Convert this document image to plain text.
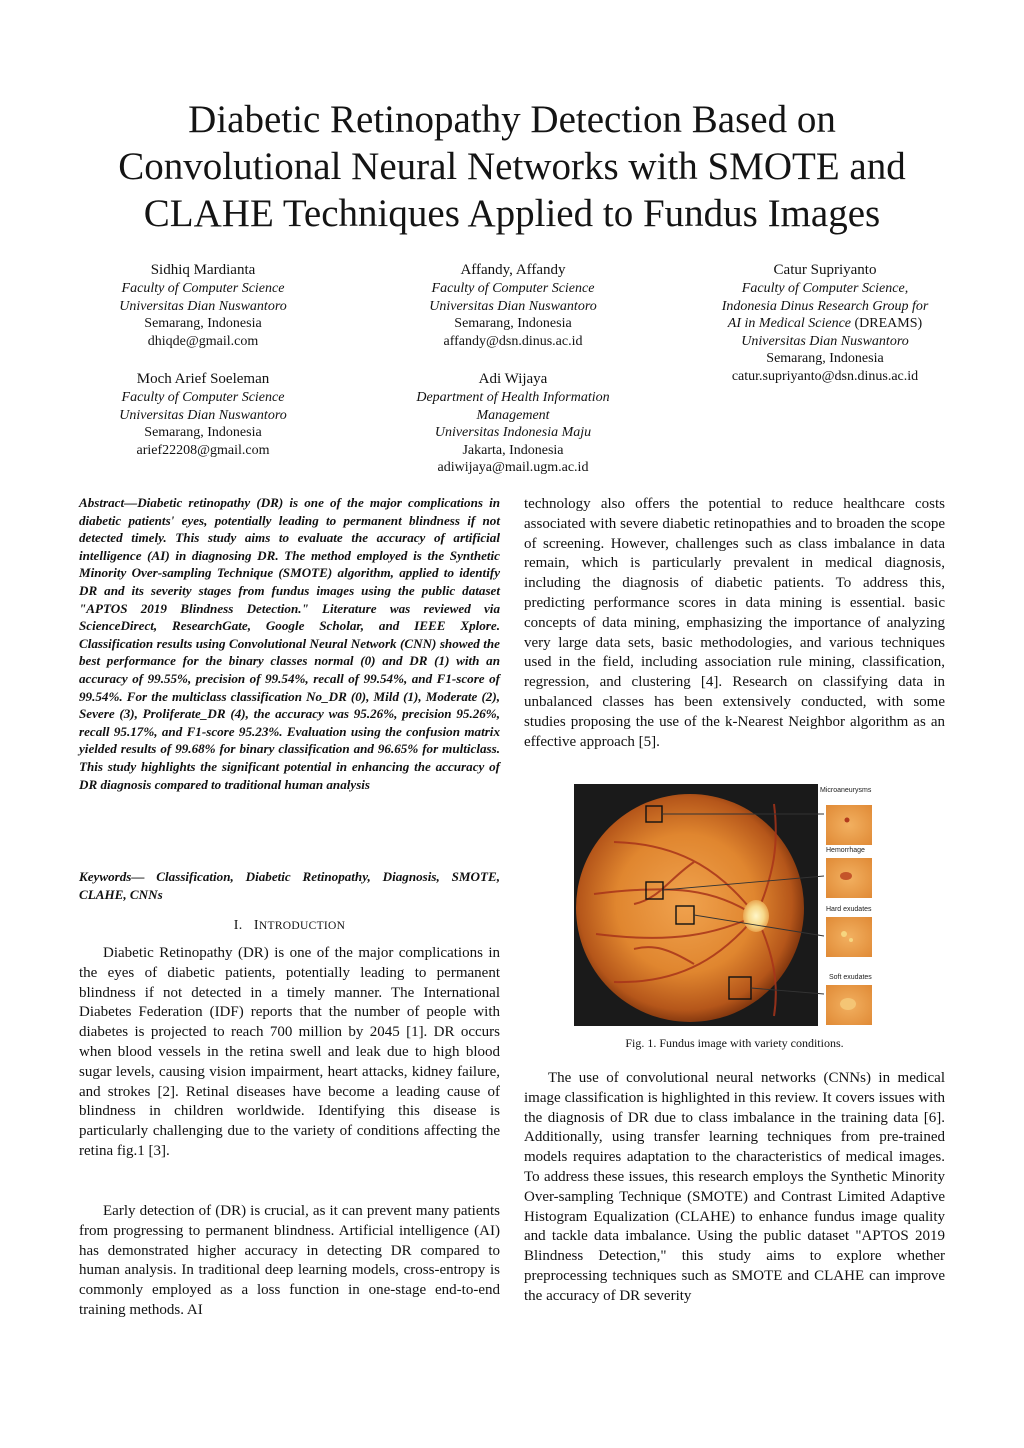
Diabetic Retinopathy Detection Based on
Convolutional Neural Networks with SMOTE and
CLAHE Techniques Applied to Fundus Images
Sidhiq Mardianta
Faculty of Computer Science
Universitas Dian Nuswantoro
Semarang, Indonesia
dhiqde@gmail.com
Affandy, Affandy
Faculty of Computer Science
Universitas Dian Nuswantoro
Semarang, Indonesia
affandy@dsn.dinus.ac.id
Catur Supriyanto
Faculty of Computer Science,
Indonesia Dinus Research Group for
AI in Medical Science (DREAMS)
Universitas Dian Nuswantoro
Semarang, Indonesia
catur.supriyanto@dsn.dinus.ac.id
Moch Arief Soeleman
Faculty of Computer Science
Universitas Dian Nuswantoro
Semarang, Indonesia
arief22208@gmail.com
Adi Wijaya
Department of Health Information
Management
Universitas Indonesia Maju
Jakarta, Indonesia
adiwijaya@mail.ugm.ac.id
Abstract—Diabetic retinopathy (DR) is one of the major complications in diabetic patients' eyes, potentially leading to permanent blindness if not detected timely. This study aims to evaluate the accuracy of artificial intelligence (AI) in diagnosing DR. The method employed is the Synthetic Minority Over-sampling Technique (SMOTE) algorithm, applied to identify DR and its severity stages from fundus images using the public dataset "APTOS 2019 Blindness Detection." Literature was reviewed via ScienceDirect, ResearchGate, Google Scholar, and IEEE Xplore. Classification results using Convolutional Neural Network (CNN) showed the best performance for the binary classes normal (0) and DR (1) with an accuracy of 99.55%, precision of 99.54%, recall of 99.54%, and F1-score of 99.54%. For the multiclass classification No_DR (0), Mild (1), Moderate (2), Severe (3), Proliferate_DR (4), the accuracy was 95.26%, precision 95.26%, recall 95.17%, and F1-score 95.23%. Evaluation using the confusion matrix yielded results of 99.68% for binary classification and 96.65% for multiclass. This study highlights the significant potential in enhancing the accuracy of DR diagnosis compared to traditional human analysis
Keywords— Classification, Diabetic Retinopathy, Diagnosis, SMOTE, CLAHE, CNNs
I. INTRODUCTION

Diabetic Retinopathy (DR) is one of the major complications in the eyes of diabetic patients, potentially leading to permanent blindness if not detected in a timely manner. The International Diabetes Federation (IDF) reports that the number of people with diabetes is projected to reach 700 million by 2045 [1]. DR occurs when blood vessels in the retina swell and leak due to high blood sugar levels, causing vision impairment, heart attacks, kidney failure, and strokes [2]. Retinal diseases have become a leading cause of blindness in children worldwide. Identifying this disease is particularly challenging due to the variety of conditions affecting the retina fig.1 [3].

Early detection of (DR) is crucial, as it can prevent many patients from progressing to permanent blindness. Artificial intelligence (AI) has demonstrated higher accuracy in detecting DR compared to human analysis. In traditional deep learning models, cross-entropy is commonly employed as a loss function in one-stage end-to-end training methods. AI

technology also offers the potential to reduce healthcare costs associated with severe diabetic retinopathies and to broaden the scope of screening. However, challenges such as class imbalance in data remain, which is particularly prevalent in medical diagnosis, including the diagnosis of diabetic patients. To address this, predicting performance scores in data mining is essential. basic concepts of data mining, emphasizing the importance of analyzing very large data sets, basic methodologies, and various techniques used in the field, including association rule mining, classification, regression, and clustering [4]. Research on classifying data in unbalanced classes has been extensively conducted, with some studies proposing the use of the k-Nearest Neighbor algorithm as an effective approach [5].

Microaneurysms
Hemorrhage
Hard exudates
Soft exudates
Fig. 1. Fundus image with variety conditions.

The use of convolutional neural networks (CNNs) in medical image classification is highlighted in this review. It covers issues with the diagnosis of DR due to class imbalance in the training data [6]. Additionally, using transfer learning techniques from pre-trained models requires adaptation to the characteristics of medical images. To address these issues, this research employs the Synthetic Minority Over-sampling Technique (SMOTE) and Contrast Limited Adaptive Histogram Equalization (CLAHE) to enhance fundus image quality and tackle data imbalance. Using the public dataset "APTOS 2019 Blindness Detection," this study aims to explore whether preprocessing techniques such as SMOTE and CLAHE can improve the accuracy of DR severity
